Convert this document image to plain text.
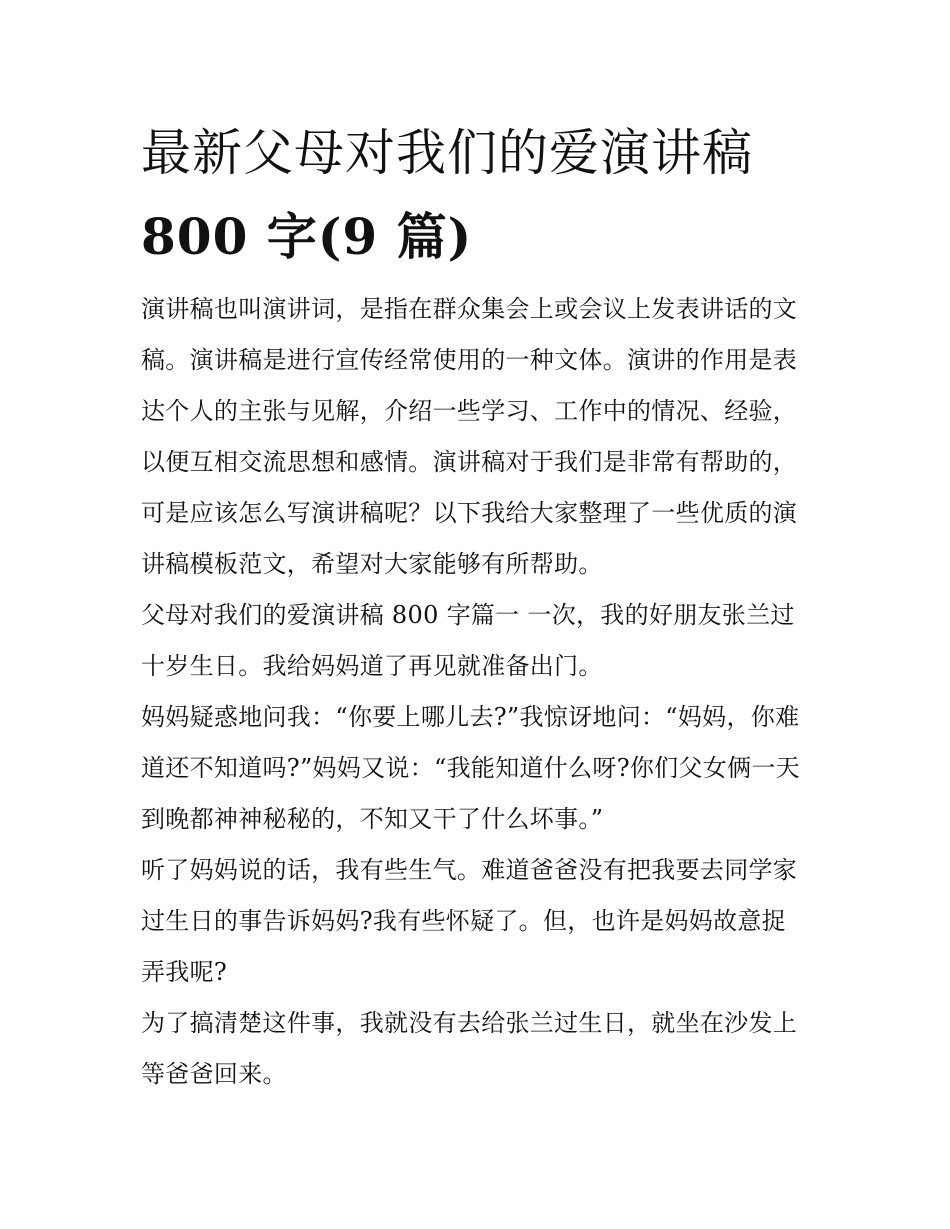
最新父母对我们的爱演讲稿
800 字(9 篇)

演讲稿也叫演讲词，是指在群众集会上或会议上发表讲话的文
稿。演讲稿是进行宣传经常使用的一种文体。演讲的作用是表
达个人的主张与见解，介绍一些学习、工作中的情况、经验，
以便互相交流思想和感情。演讲稿对于我们是非常有帮助的，
可是应该怎么写演讲稿呢？以下我给大家整理了一些优质的演
讲稿模板范文，希望对大家能够有所帮助。

父母对我们的爱演讲稿 800 字篇一 一次，我的好朋友张兰过
十岁生日。我给妈妈道了再见就准备出门。

妈妈疑惑地问我：“你要上哪儿去?”我惊讶地问：“妈妈，你难
道还不知道吗?”妈妈又说：“我能知道什么呀?你们父女俩一天
到晚都神神秘秘的，不知又干了什么坏事。”

听了妈妈说的话，我有些生气。难道爸爸没有把我要去同学家
过生日的事告诉妈妈?我有些怀疑了。但，也许是妈妈故意捉
弄我呢?

为了搞清楚这件事，我就没有去给张兰过生日，就坐在沙发上
等爸爸回来。
